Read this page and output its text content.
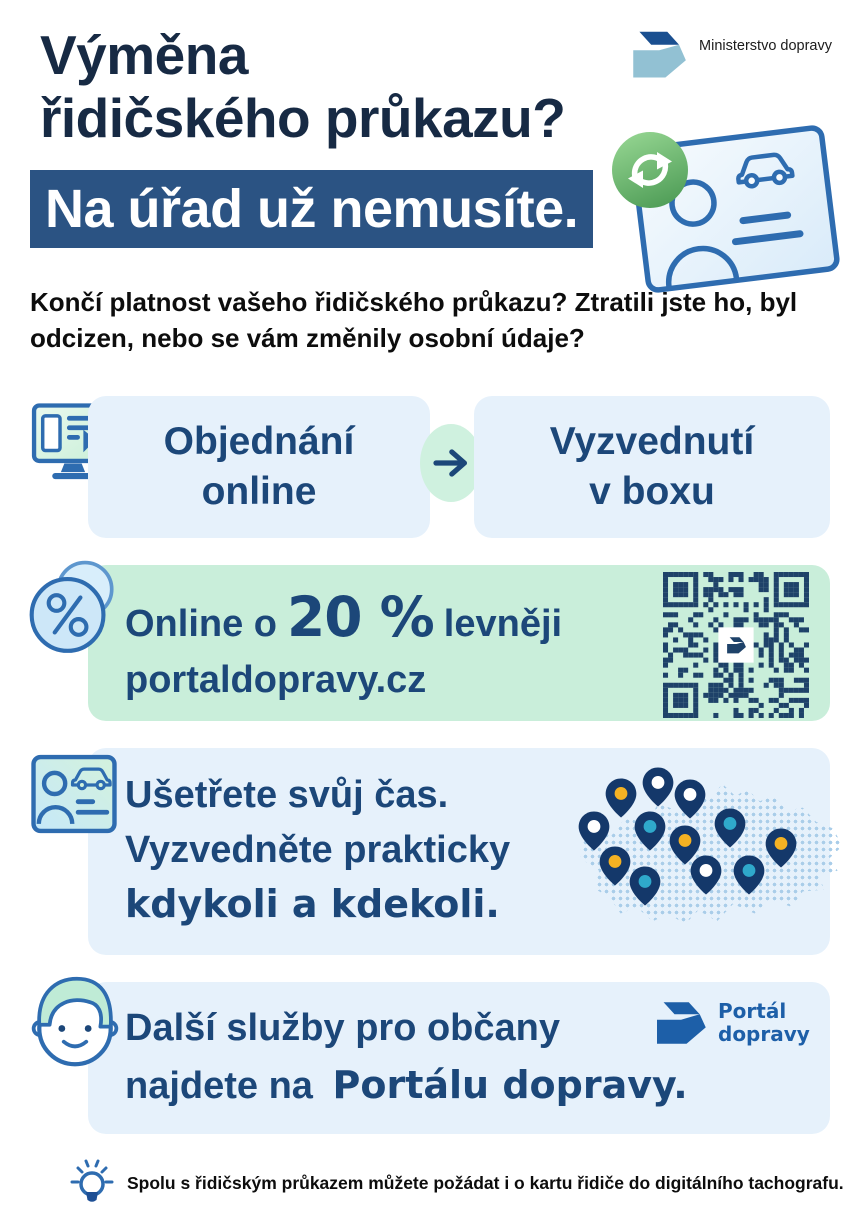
Výměna
řidičského průkazu?
Na úřad už nemusíte.
Ministerstvo dopravy

Končí platnost vašeho řidičského průkazu? Ztratili jste ho, byl odcizen, nebo se vám změnily osobní údaje?

Objednání
online
Vyzvednutí
v boxu
Online o 20 % levněji
portaldopravy.cz
Ušetřete svůj čas.
Vyzvedněte prakticky
kdykoli a kdekoli.
Další služby pro občany
najdete na Portálu dopravy.
Portál
dopravy
Spolu s řidičským průkazem můžete požádat i o kartu řidiče do digitálního tachografu.
